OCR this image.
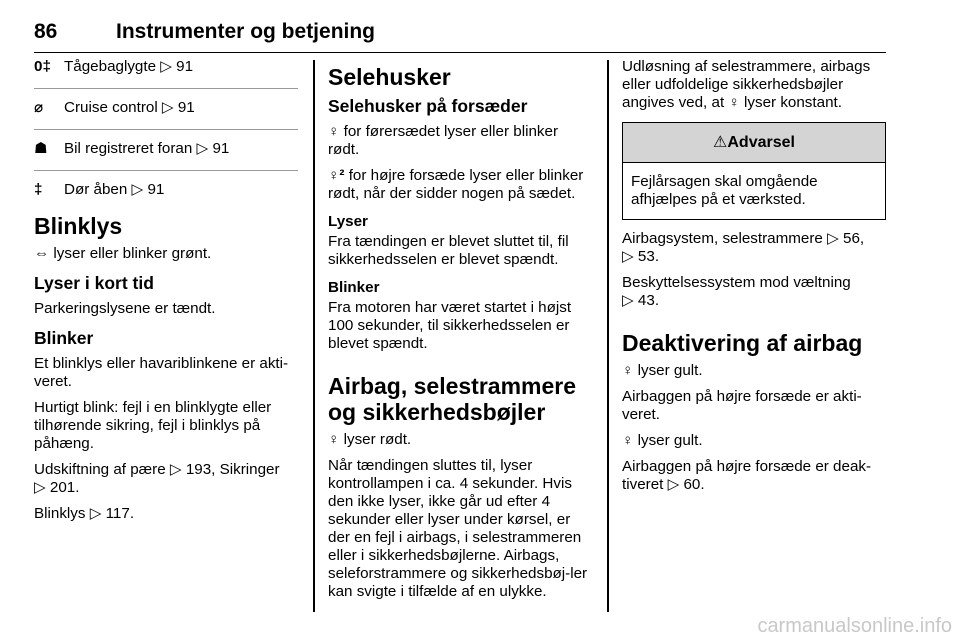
86	Instrumenter og betjening
0‡ Tågebaglygte ▷ 91
⌀	Cruise control ▷ 91
☗	Bil registreret foran ▷ 91
‡	Dør åben ▷ 91
Blinklys

⇔ lyser eller blinker grønt.

Lyser i kort tid

Parkeringslysene er tændt.

Blinker

Et blinklys eller havariblinkene er akti-veret.

Hurtigt blink: fejl i en blinklygte eller tilhørende sikring, fejl i blinklys på påhæng.

Udskiftning af pære ▷ 193, Sikringer
▷ 201.

Blinklys ▷ 117.

Selehusker
Selehusker på forsæder

♀ for førersædet lyser eller blinker rødt.

♀² for højre forsæde lyser eller blinker rødt, når der sidder nogen på sædet.

Lyser

Fra tændingen er blevet sluttet til, fil sikkerhedsselen er blevet spændt.

Blinker

Fra motoren har været startet i højst 100 sekunder, til sikkerhedsselen er blevet spændt.

Airbag, selestrammere og sikkerhedsbøjler

♀ lyser rødt.

Når tændingen sluttes til, lyser kontrollampen i ca. 4 sekunder. Hvis den ikke lyser, ikke går ud efter 4 sekunder eller lyser under kørsel, er der en fejl i airbags, i selestrammeren eller i sikkerhedsbøjlerne. Airbags, seleforstrammere og sikkerhedsbøj-ler kan svigte i tilfælde af en ulykke.

Udløsning af selestrammere, airbags eller udfoldelige sikkerhedsbøjler angives ved, at ♀ lyser konstant.

⚠Advarsel
Fejlårsagen skal omgående afhjælpes på et værksted.

Airbagsystem, selestrammere ▷ 56,
▷ 53.

Beskyttelsessystem mod væltning
▷ 43.

Deaktivering af airbag

♀ lyser gult.

Airbaggen på højre forsæde er akti-veret.

♀ lyser gult.

Airbaggen på højre forsæde er deak-tiveret ▷ 60.

carmanualsonline.info
